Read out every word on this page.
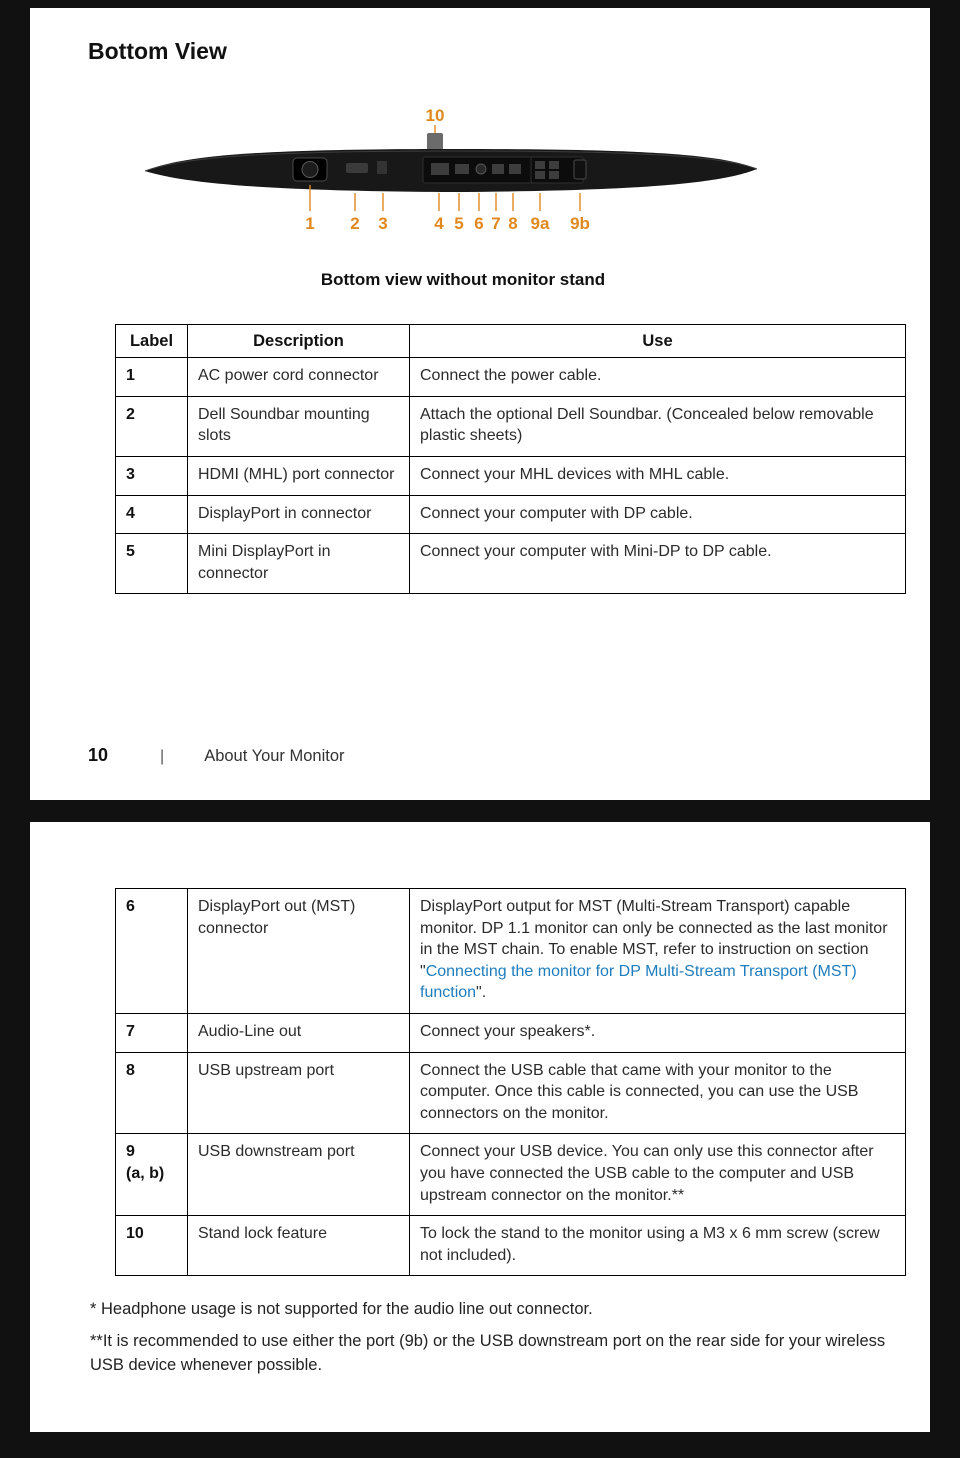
Bottom View
10
1 2 3	4 5 6 7 8 9a 9b
Bottom view without monitor stand
Label	Description	Use
1	AC power cord connector	Connect the power cable.
2	Dell Soundbar mounting slots	Attach the optional Dell Soundbar. (Concealed below removable plastic sheets)
3	HDMI (MHL) port connector	Connect your MHL devices with MHL cable.
4	DisplayPort in connector	Connect your computer with DP cable.
5	Mini DisplayPort in connector	Connect your computer with Mini-DP to DP cable.
10	| About Your Monitor
6	DisplayPort out (MST) connector	DisplayPort output for MST (Multi-Stream Transport) capable monitor. DP 1.1 monitor can only be connected as the last monitor in the MST chain. To enable MST, refer to instruction on section "Connecting the monitor for DP Multi-Stream Transport (MST) function".
7	Audio-Line out	Connect your speakers*.
8	USB upstream port	Connect the USB cable that came with your monitor to the computer. Once this cable is connected, you can use the USB connectors on the monitor.

9
(a, b)	USB downstream port	Connect your USB device. You can only use this connector after you have connected the USB cable to the computer and USB upstream connector on the monitor.**
10	Stand lock feature	To lock the stand to the monitor using a M3 x 6 mm screw (screw not included).

* Headphone usage is not supported for the audio line out connector.

**It is recommended to use either the port (9b) or the USB downstream port on the rear side for your wireless USB device whenever possible.
